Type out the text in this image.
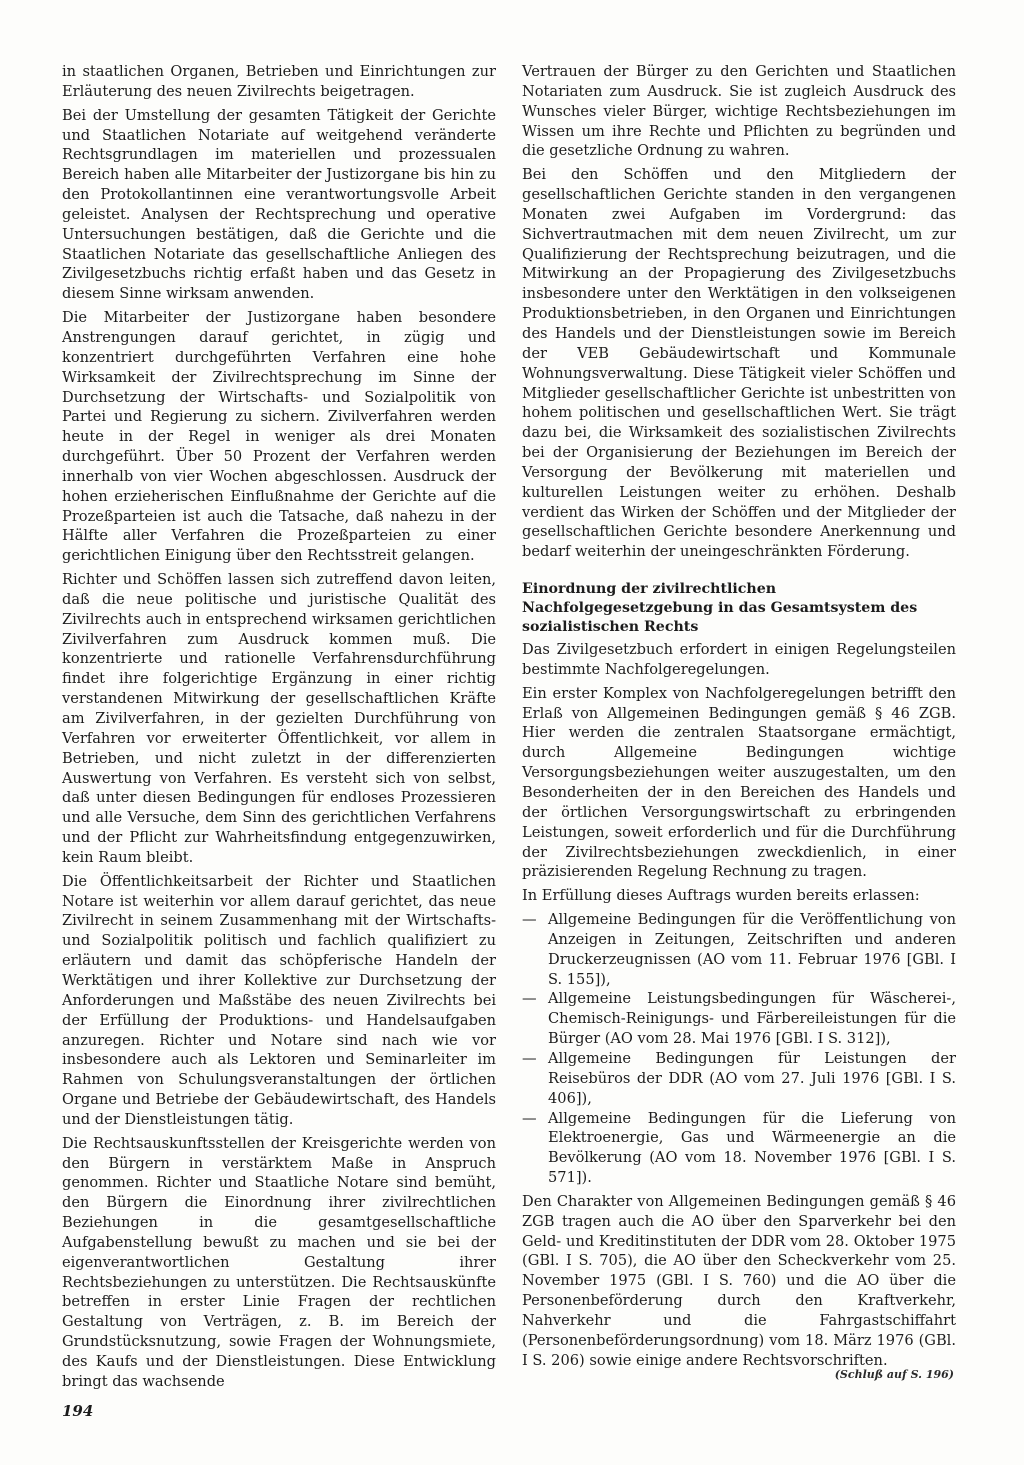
in staatlichen Organen, Betrieben und Einrichtungen zur Erläuterung des neuen Zivilrechts beigetragen.

Bei der Umstellung der gesamten Tätigkeit der Gerichte und Staatlichen Notariate auf weitgehend veränderte Rechtsgrundlagen im materiellen und prozessualen Bereich haben alle Mitarbeiter der Justizorgane bis hin zu den Protokollantinnen eine verantwortungsvolle Arbeit geleistet. Analysen der Rechtsprechung und operative Untersuchungen bestätigen, daß die Gerichte und die Staatlichen Notariate das gesellschaftliche Anliegen des Zivilgesetzbuchs richtig erfaßt haben und das Gesetz in diesem Sinne wirksam anwenden.

Die Mitarbeiter der Justizorgane haben besondere Anstrengungen darauf gerichtet, in zügig und konzentriert durchgeführten Verfahren eine hohe Wirksamkeit der Zivilrechtsprechung im Sinne der Durchsetzung der Wirtschafts- und Sozialpolitik von Partei und Regierung zu sichern. Zivilverfahren werden heute in der Regel in weniger als drei Monaten durchgeführt. Über 50 Prozent der Verfahren werden innerhalb von vier Wochen abgeschlossen. Ausdruck der hohen erzieherischen Einflußnahme der Gerichte auf die Prozeßparteien ist auch die Tatsache, daß nahezu in der Hälfte aller Verfahren die Prozeßparteien zu einer gerichtlichen Einigung über den Rechtsstreit gelangen.

Richter und Schöffen lassen sich zutreffend davon leiten, daß die neue politische und juristische Qualität des Zivilrechts auch in entsprechend wirksamen gerichtlichen Zivilverfahren zum Ausdruck kommen muß. Die konzentrierte und rationelle Verfahrensdurchführung findet ihre folgerichtige Ergänzung in einer richtig verstandenen Mitwirkung der gesellschaftlichen Kräfte am Zivilverfahren, in der gezielten Durchführung von Verfahren vor erweiterter Öffentlichkeit, vor allem in Betrieben, und nicht zuletzt in der differenzierten Auswertung von Verfahren. Es versteht sich von selbst, daß unter diesen Bedingungen für endloses Prozessieren und alle Versuche, dem Sinn des gerichtlichen Verfahrens und der Pflicht zur Wahrheitsfindung entgegenzuwirken, kein Raum bleibt.

Die Öffentlichkeitsarbeit der Richter und Staatlichen Notare ist weiterhin vor allem darauf gerichtet, das neue Zivilrecht in seinem Zusammenhang mit der Wirtschafts- und Sozialpolitik politisch und fachlich qualifiziert zu erläutern und damit das schöpferische Handeln der Werktätigen und ihrer Kollektive zur Durchsetzung der Anforderungen und Maßstäbe des neuen Zivilrechts bei der Erfüllung der Produktions- und Handelsaufgaben anzuregen. Richter und Notare sind nach wie vor insbesondere auch als Lektoren und Seminarleiter im Rahmen von Schulungsveranstaltungen der örtlichen Organe und Betriebe der Gebäudewirtschaft, des Handels und der Dienstleistungen tätig.

Die Rechtsauskunftsstellen der Kreisgerichte werden von den Bürgern in verstärktem Maße in Anspruch genommen. Richter und Staatliche Notare sind bemüht, den Bürgern die Einordnung ihrer zivilrechtlichen Beziehungen in die gesamtgesellschaftliche Aufgabenstellung bewußt zu machen und sie bei der eigenverantwortlichen Gestaltung ihrer Rechtsbeziehungen zu unterstützen. Die Rechtsauskünfte betreffen in erster Linie Fragen der rechtlichen Gestaltung von Verträgen, z. B. im Bereich der Grundstücksnutzung, sowie Fragen der Wohnungsmiete, des Kaufs und der Dienstleistungen. Diese Entwicklung bringt das wachsende

Vertrauen der Bürger zu den Gerichten und Staatlichen Notariaten zum Ausdruck. Sie ist zugleich Ausdruck des Wunsches vieler Bürger, wichtige Rechtsbeziehungen im Wissen um ihre Rechte und Pflichten zu begründen und die gesetzliche Ordnung zu wahren.

Bei den Schöffen und den Mitgliedern der gesellschaftlichen Gerichte standen in den vergangenen Monaten zwei Aufgaben im Vordergrund: das Sichvertrautmachen mit dem neuen Zivilrecht, um zur Qualifizierung der Rechtsprechung beizutragen, und die Mitwirkung an der Propagierung des Zivilgesetzbuchs insbesondere unter den Werktätigen in den volkseigenen Produktionsbetrieben, in den Organen und Einrichtungen des Handels und der Dienstleistungen sowie im Bereich der VEB Gebäudewirtschaft und Kommunale Wohnungsverwaltung. Diese Tätigkeit vieler Schöffen und Mitglieder gesellschaftlicher Gerichte ist unbestritten von hohem politischen und gesellschaftlichen Wert. Sie trägt dazu bei, die Wirksamkeit des sozialistischen Zivilrechts bei der Organisierung der Beziehungen im Bereich der Versorgung der Bevölkerung mit materiellen und kulturellen Leistungen weiter zu erhöhen. Deshalb verdient das Wirken der Schöffen und der Mitglieder der gesellschaftlichen Gerichte besondere Anerkennung und bedarf weiterhin der uneingeschränkten Förderung.

Einordnung der zivilrechtlichen Nachfolgegesetzgebung in das Gesamtsystem des sozialistischen Rechts

Das Zivilgesetzbuch erfordert in einigen Regelungsteilen bestimmte Nachfolgeregelungen.

Ein erster Komplex von Nachfolgeregelungen betrifft den Erlaß von Allgemeinen Bedingungen gemäß § 46 ZGB. Hier werden die zentralen Staatsorgane ermächtigt, durch Allgemeine Bedingungen wichtige Versorgungsbeziehungen weiter auszugestalten, um den Besonderheiten der in den Bereichen des Handels und der örtlichen Versorgungswirtschaft zu erbringenden Leistungen, soweit erforderlich und für die Durchführung der Zivilrechtsbeziehungen zweckdienlich, in einer präzisierenden Regelung Rechnung zu tragen.

In Erfüllung dieses Auftrags wurden bereits erlassen:

— Allgemeine Bedingungen für die Veröffentlichung von Anzeigen in Zeitungen, Zeitschriften und anderen Druckerzeugnissen (AO vom 11. Februar 1976 [GBl. I S. 155]),
— Allgemeine Leistungsbedingungen für Wäscherei-, Chemisch-Reinigungs- und Färbereileistungen für die Bürger (AO vom 28. Mai 1976 [GBl. I S. 312]),
— Allgemeine Bedingungen für Leistungen der Reisebüros der DDR (AO vom 27. Juli 1976 [GBl. I S. 406]),
— Allgemeine Bedingungen für die Lieferung von Elektroenergie, Gas und Wärmeenergie an die Bevölkerung (AO vom 18. November 1976 [GBl. I S. 571]).

Den Charakter von Allgemeinen Bedingungen gemäß § 46 ZGB tragen auch die AO über den Sparverkehr bei den Geld- und Kreditinstituten der DDR vom 28. Oktober 1975 (GBl. I S. 705), die AO über den Scheckverkehr vom 25. November 1975 (GBl. I S. 760) und die AO über die Personenbeförderung durch den Kraftverkehr, Nahverkehr und die Fahrgastschiffahrt (Personenbeförderungsordnung) vom 18. März 1976 (GBl. I S. 206) sowie einige andere Rechtsvorschriften.

(Schluß auf S. 196)
194
